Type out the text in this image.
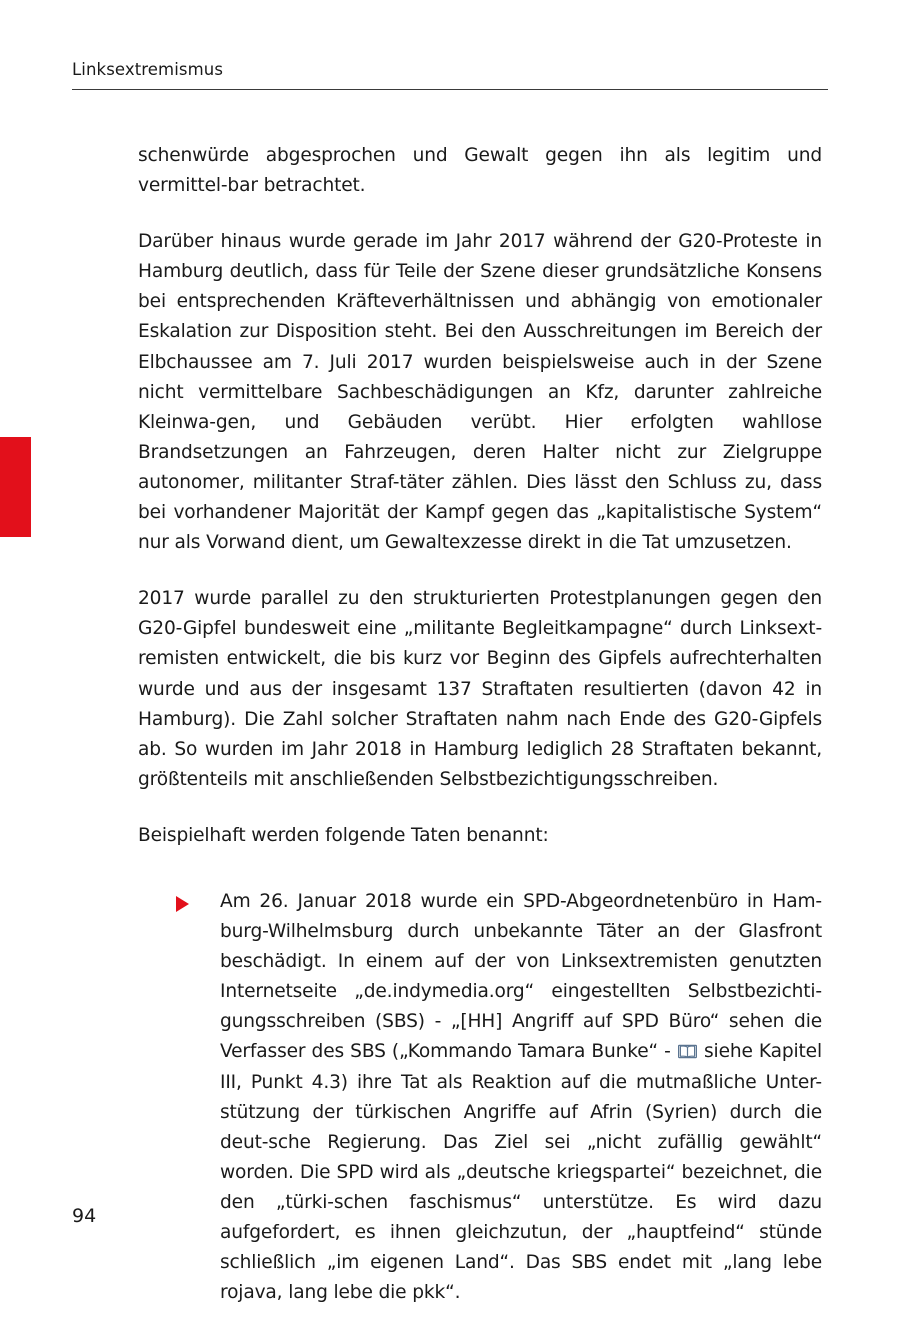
Linksextremismus

schenwürde abgesprochen und Gewalt gegen ihn als legitim und vermittel-bar betrachtet.

Darüber hinaus wurde gerade im Jahr 2017 während der G20-Proteste in Hamburg deutlich, dass für Teile der Szene dieser grundsätzliche Konsens bei entsprechenden Kräfteverhältnissen und abhängig von emotionaler Eskalation zur Disposition steht. Bei den Ausschreitungen im Bereich der Elbchaussee am 7. Juli 2017 wurden beispielsweise auch in der Szene nicht vermittelbare Sachbeschädigungen an Kfz, darunter zahlreiche Kleinwa-gen, und Gebäuden verübt. Hier erfolgten wahllose Brandsetzungen an Fahrzeugen, deren Halter nicht zur Zielgruppe autonomer, militanter Straf-täter zählen. Dies lässt den Schluss zu, dass bei vorhandener Majorität der Kampf gegen das „kapitalistische System“ nur als Vorwand dient, um Gewaltexzesse direkt in die Tat umzusetzen.

2017 wurde parallel zu den strukturierten Protestplanungen gegen den G20-Gipfel bundesweit eine „militante Begleitkampagne“ durch Linksext-remisten entwickelt, die bis kurz vor Beginn des Gipfels aufrechterhalten wurde und aus der insgesamt 137 Straftaten resultierten (davon 42 in Hamburg). Die Zahl solcher Straftaten nahm nach Ende des G20-Gipfels ab. So wurden im Jahr 2018 in Hamburg lediglich 28 Straftaten bekannt, größtenteils mit anschließenden Selbstbezichtigungsschreiben.

Beispielhaft werden folgende Taten benannt:

Am 26. Januar 2018 wurde ein SPD-Abgeordnetenbüro in Ham-burg-Wilhelmsburg durch unbekannte Täter an der Glasfront beschädigt. In einem auf der von Linksextremisten genutzten Internetseite „de.indymedia.org“ eingestellten Selbstbezichti-gungsschreiben (SBS) - „[HH] Angriff auf SPD Büro“ sehen die Verfasser des SBS („Kommando Tamara Bunke“ -
siehe Kapitel III, Punkt 4.3) ihre Tat als Reaktion auf die mutmaßliche Unter-stützung der türkischen Angriffe auf Afrin (Syrien) durch die deut-sche Regierung. Das Ziel sei „nicht zufällig gewählt“ worden. Die SPD wird als „deutsche kriegspartei“ bezeichnet, die den „türki-schen faschismus“ unterstütze. Es wird dazu aufgefordert, es ihnen gleichzutun, der „hauptfeind“ stünde schließlich „im eigenen Land“. Das SBS endet mit „lang lebe rojava, lang lebe die pkk“.
94
